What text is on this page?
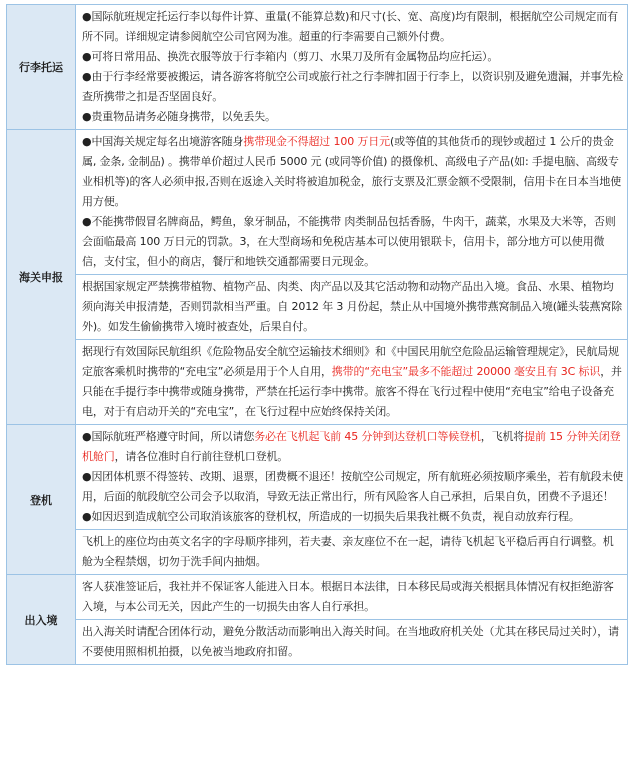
行李托运	●国际航班规定托运行李以每件计算、重量(不能算总数)和尺寸(长、宽、高度)均有限制，根据航空公司规定而有所不同。详细规定请参阅航空公司官网为准。超重的行李需要自己额外付费。

●可将日常用品、换洗衣服等放于行李箱内（剪刀、水果刀及所有金属物品均应托运）。

●由于行李经常要被搬运，请各游客将航空公司或旅行社之行李牌扣固于行李上，以资识别及避免遗漏，并事先检查所携带之扣是否坚固良好。

●贵重物品请务必随身携带，以免丢失。

海关申报	●中国海关规定每名出境游客随身携带现金不得超过 100 万日元(或等值的其他货币的现钞或超过 1 公斤的贵金属, 金条, 金制品) 。携带单价超过人民币 5000 元 (或同等价值) 的摄像机、高级电子产品(如: 手提电脑、高级专业相机等)的客人必须申报,否则在返途入关时将被追加税金，旅行支票及汇票金额不受限制，信用卡在日本当地使用方便。

●不能携带假冒名牌商品，鳄鱼，象牙制品，不能携带 肉类制品包括香肠，牛肉干，蔬菜，水果及大米等，否则会面临最高 100 万日元的罚款。3，在大型商场和免税店基本可以使用银联卡，信用卡，部分地方可以使用微信，支付宝，但小的商店，餐厅和地铁交通都需要日元现金。

	根据国家规定严禁携带植物、植物产品、肉类、肉产品以及其它活动物和动物产品出入境。食品、水果、植物均须向海关申报清楚，否则罚款相当严重。自 2012 年 3 月份起，禁止从中国境外携带燕窝制品入境(罐头装燕窝除外)。如发生偷偷携带入境时被查处，后果自付。

	据现行有效国际民航组织《危险物品安全航空运输技术细则》和《中国民用航空危险品运输管理规定》，民航局规定旅客乘机时携带的“充电宝”必须是用于个人自用，携带的“充电宝”最多不能超过 20000 毫安且有 3C 标识，并只能在手提行李中携带或随身携带，严禁在托运行李中携带。旅客不得在飞行过程中使用“充电宝”给电子设备充电，对于有启动开关的“充电宝”，在飞行过程中应始终保持关闭。

登机	●国际航班严格遵守时间，所以请您务必在飞机起飞前 45 分钟到达登机口等候登机，飞机将提前 15 分钟关闭登机舱门，请各位准时自行前往登机口登机。

●因团体机票不得签转、改期、退票，团费概不退还！按航空公司规定，所有航班必须按顺序乘坐，若有航段未使用，后面的航段航空公司会予以取消，导致无法正常出行，所有风险客人自己承担，后果自负，团费不予退还！

●如因迟到造成航空公司取消该旅客的登机权，所造成的一切损失后果我社概不负责，视自动放弃行程。

	飞机上的座位均由英文名字的字母顺序排列，若夫妻、亲友座位不在一起，请待飞机起飞平稳后再自行调整。机舱为全程禁烟，切勿于洗手间内抽烟。

出入境	客人获准签证后，我社并不保证客人能进入日本。根据日本法律，日本移民局或海关根据具体情况有权拒绝游客入境，与本公司无关，因此产生的一切损失由客人自行承担。

	出入海关时请配合团体行动，避免分散活动而影响出入海关时间。在当地政府机关处（尤其在移民局过关时），请不要使用照相机拍摄，以免被当地政府扣留。
